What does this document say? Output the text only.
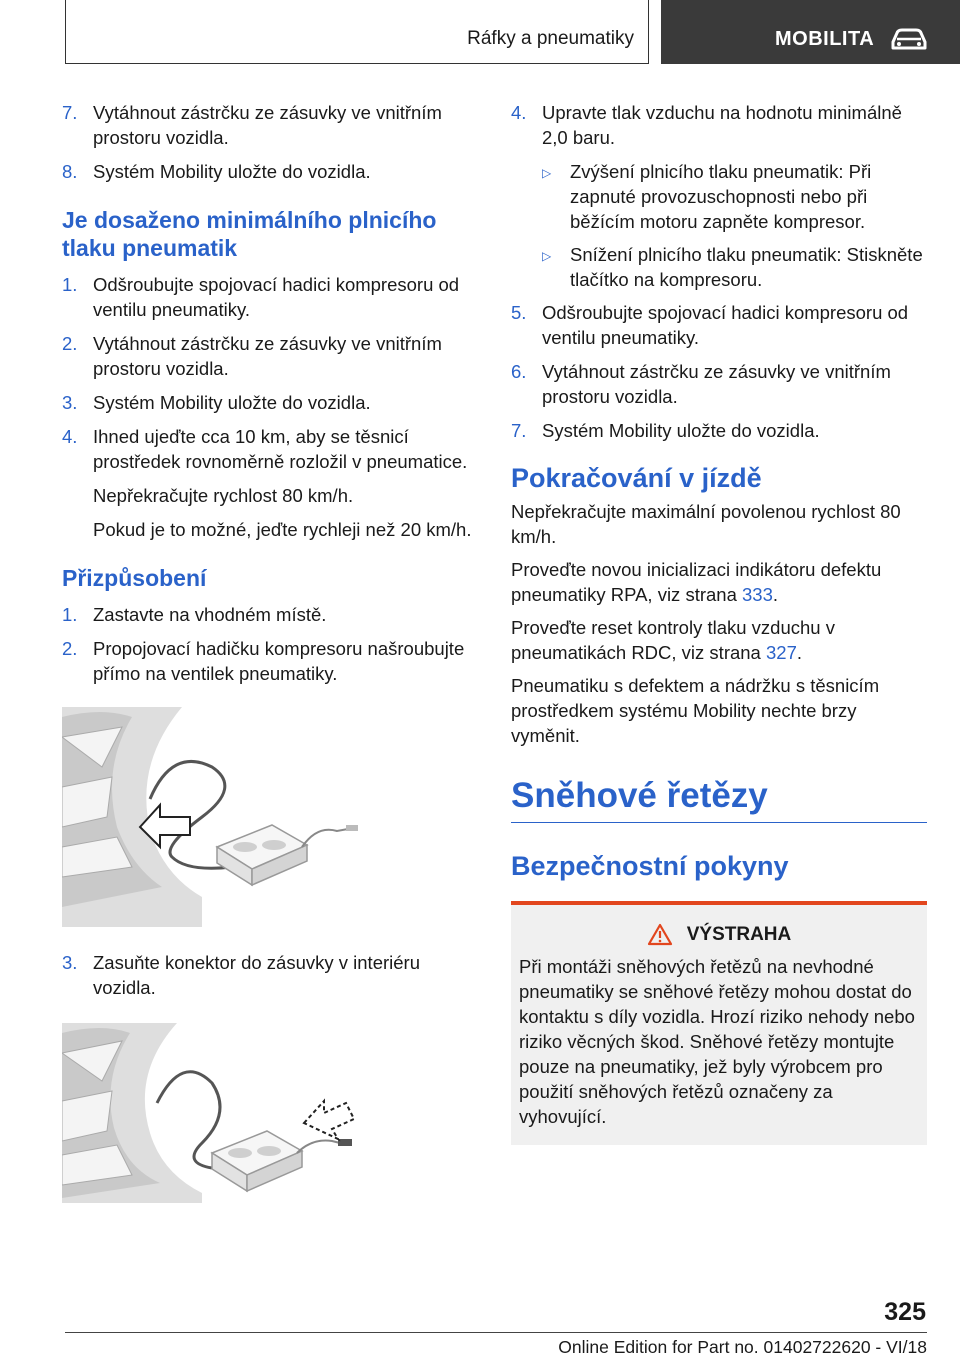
Ráfky a pneumatiky	MOBILITA
7. Vytáhnout zástrčku ze zásuvky ve vnitřním prostoru vozidla.

8. Systém Mobility uložte do vozidla.

Je dosaženo minimálního plnicího tlaku pneumatik
1. Odšroubujte spojovací hadici kompresoru od ventilu pneumatiky.

2. Vytáhnout zástrčku ze zásuvky ve vnitřním prostoru vozidla.

3. Systém Mobility uložte do vozidla.

4. Ihned ujeďte cca 10 km, aby se těsnicí prostředek rovnoměrně rozložil v pneumatice.

Nepřekračujte rychlost 80 km/h.

Pokud je to možné, jeďte rychleji než 20 km/h.

Přizpůsobení
1. Zastavte na vhodném místě.

2. Propojovací hadičku kompresoru našroubujte přímo na ventilek pneumatiky.

3. Zasuňte konektor do zásuvky v interiéru vozidla.

4. Upravte tlak vzduchu na hodnotu minimálně 2,0 baru.

▷	Zvýšení plnicího tlaku pneumatik: Při zapnuté provozuschopnosti nebo při běžícím motoru zapněte kompresor.
▷	Snížení plnicího tlaku pneumatik: Stiskněte tlačítko na kompresoru.
5. Odšroubujte spojovací hadici kompresoru od ventilu pneumatiky.

6. Vytáhnout zástrčku ze zásuvky ve vnitřním prostoru vozidla.

7. Systém Mobility uložte do vozidla.

Pokračování v jízdě

Nepřekračujte maximální povolenou rychlost 80 km/h.

Proveďte novou inicializaci indikátoru defektu pneumatiky RPA, viz strana 333.

Proveďte reset kontroly tlaku vzduchu v pneumatikách RDC, viz strana 327.

Pneumatiku s defektem a nádržku s těsnicím prostředkem systému Mobility nechte brzy vyměnit.

Sněhové řetězy
Bezpečnostní pokyny
VÝSTRAHA

Při montáži sněhových řetězů na nevhodné pneumatiky se sněhové řetězy mohou dostat do kontaktu s díly vozidla. Hrozí riziko nehody nebo riziko věcných škod. Sněhové řetězy montujte pouze na pneumatiky, jež byly výrobcem pro použití sněhových řetězů označeny za vyhovující.

325
Online Edition for Part no. 01402722620 - VI/18
